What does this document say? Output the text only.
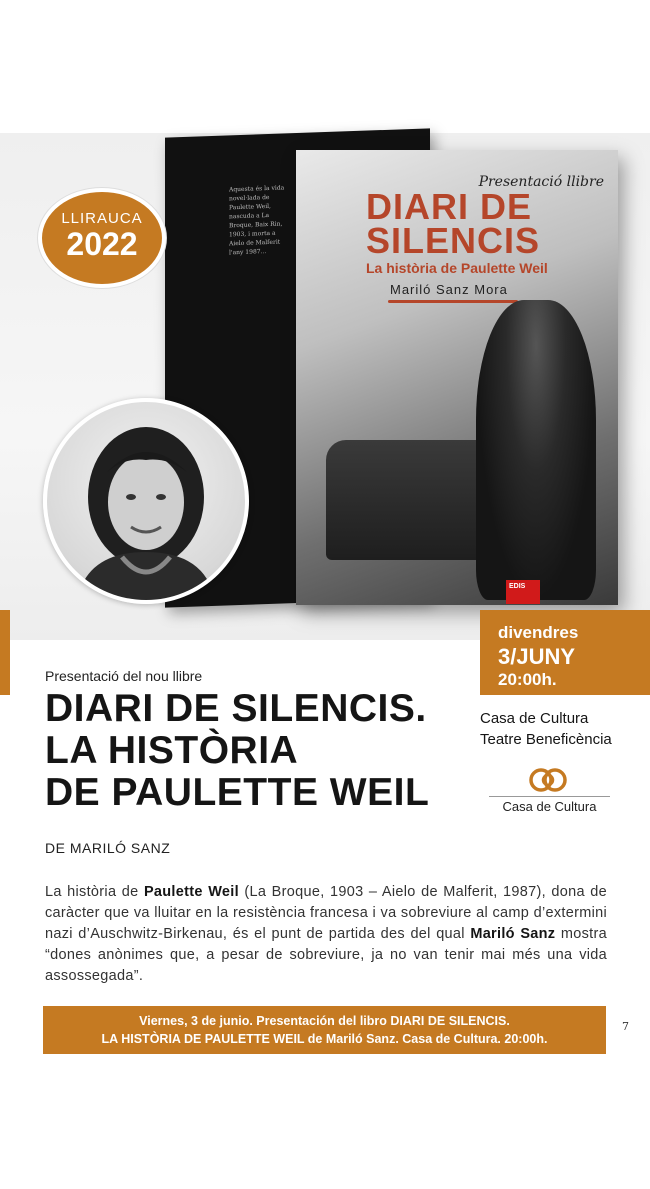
Aquesta és la vida novel·lada de Paulette Weil, nascuda a La Broque, Baix Rin, 1903, i morta a Aielo de Malferit l'any 1987...
Presentació llibre
DIARI DE
SILENCIS
La història de Paulette Weil
Mariló Sanz Mora
EDIS
LLIRAUCA
2022
divendres
3/JUNY
20:00h.
Presentació del nou llibre
DIARI DE SILENCIS.
LA HISTÒRIA
DE PAULETTE WEIL
DE MARILÓ SANZ
Casa de Cultura
Teatre Beneficència
Casa de Cultura
La història de Paulette Weil (La Broque, 1903 – Aielo de Malferit, 1987), dona de caràcter que va lluitar en la resistència francesa i va sobreviure al camp d’extermini nazi d’Auschwitz-Birkenau, és el punt de partida des del qual Mariló Sanz mostra “dones anònimes que, a pesar de sobreviure, ja no van tenir mai més una vida assossegada”.
Viernes, 3 de junio. Presentación del libro DIARI DE SILENCIS.
LA HISTÒRIA DE PAULETTE WEIL de Mariló Sanz. Casa de Cultura. 20:00h.
7
